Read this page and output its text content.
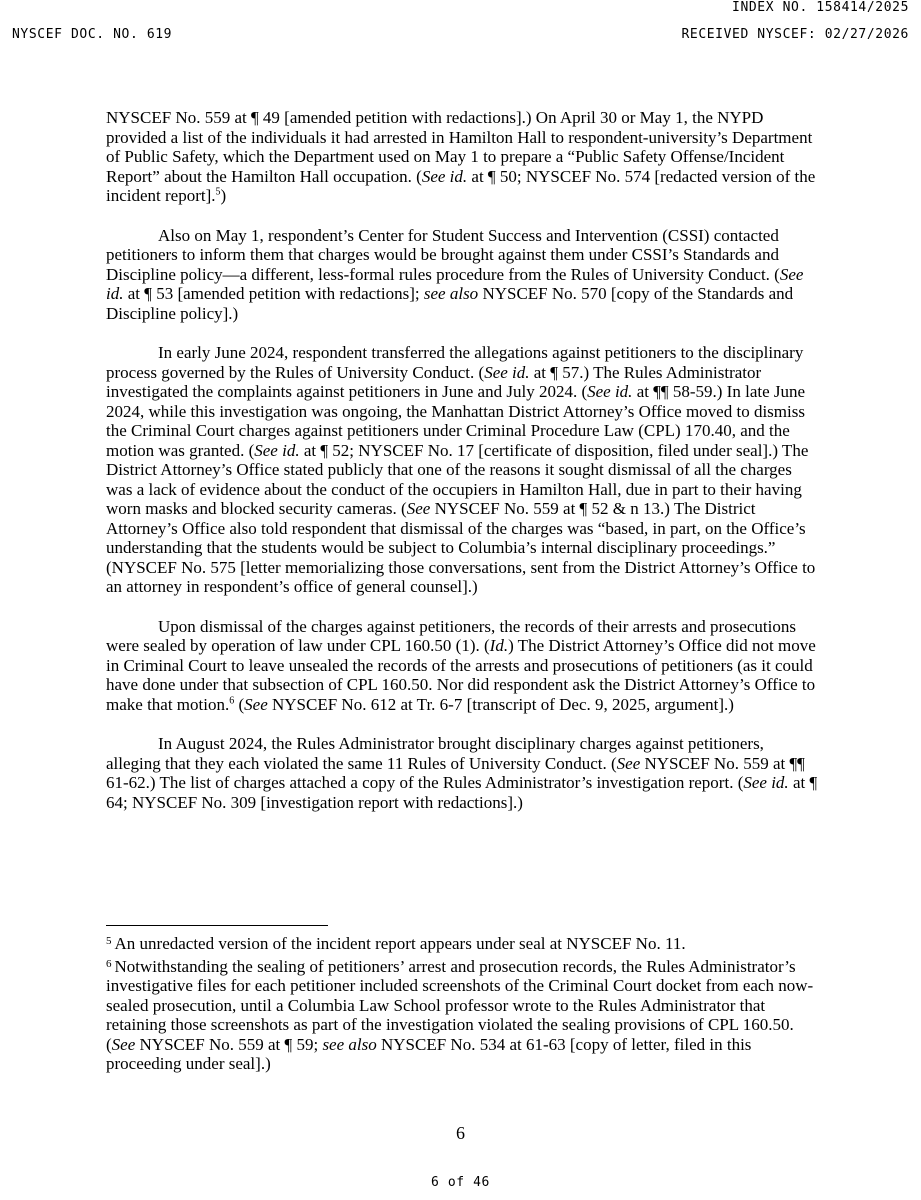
INDEX NO. 158414/2025
NYSCEF DOC. NO. 619	RECEIVED NYSCEF: 02/27/2026

NYSCEF No. 559 at ¶ 49 [amended petition with redactions].) On April 30 or May 1, the NYPD provided a list of the individuals it had arrested in Hamilton Hall to respondent-university’s Department of Public Safety, which the Department used on May 1 to prepare a “Public Safety Offense/Incident Report” about the Hamilton Hall occupation. (See id. at ¶ 50; NYSCEF No. 574 [redacted version of the incident report].$^5$)

Also on May 1, respondent’s Center for Student Success and Intervention (CSSI) contacted petitioners to inform them that charges would be brought against them under CSSI’s Standards and Discipline policy—a different, less-formal rules procedure from the Rules of University Conduct. (See id. at ¶ 53 [amended petition with redactions]; see also NYSCEF No. 570 [copy of the Standards and Discipline policy].)

In early June 2024, respondent transferred the allegations against petitioners to the disciplinary process governed by the Rules of University Conduct. (See id. at ¶ 57.) The Rules Administrator investigated the complaints against petitioners in June and July 2024. (See id. at ¶¶ 58-59.) In late June 2024, while this investigation was ongoing, the Manhattan District Attorney’s Office moved to dismiss the Criminal Court charges against petitioners under Criminal Procedure Law (CPL) 170.40, and the motion was granted. (See id. at ¶ 52; NYSCEF No. 17 [certificate of disposition, filed under seal].) The District Attorney’s Office stated publicly that one of the reasons it sought dismissal of all the charges was a lack of evidence about the conduct of the occupiers in Hamilton Hall, due in part to their having worn masks and blocked security cameras. (See NYSCEF No. 559 at ¶ 52 & n 13.) The District Attorney’s Office also told respondent that dismissal of the charges was “based, in part, on the Office’s understanding that the students would be subject to Columbia’s internal disciplinary proceedings.” (NYSCEF No. 575 [letter memorializing those conversations, sent from the District Attorney’s Office to an attorney in respondent’s office of general counsel].)

Upon dismissal of the charges against petitioners, the records of their arrests and prosecutions were sealed by operation of law under CPL 160.50 (1). (Id.) The District Attorney’s Office did not move in Criminal Court to leave unsealed the records of the arrests and prosecutions of petitioners (as it could have done under that subsection of CPL 160.50. Nor did respondent ask the District Attorney’s Office to make that motion.$^6$ (See NYSCEF No. 612 at Tr. 6-7 [transcript of Dec. 9, 2025, argument].)

In August 2024, the Rules Administrator brought disciplinary charges against petitioners, alleging that they each violated the same 11 Rules of University Conduct. (See NYSCEF No. 559 at ¶¶ 61-62.) The list of charges attached a copy of the Rules Administrator’s investigation report. (See id. at ¶ 64; NYSCEF No. 309 [investigation report with redactions].)

$^5$ An unredacted version of the incident report appears under seal at NYSCEF No. 11.

$^6$ Notwithstanding the sealing of petitioners’ arrest and prosecution records, the Rules Administrator’s investigative files for each petitioner included screenshots of the Criminal Court docket from each now-sealed prosecution, until a Columbia Law School professor wrote to the Rules Administrator that retaining those screenshots as part of the investigation violated the sealing provisions of CPL 160.50. (See NYSCEF No. 559 at ¶ 59; see also NYSCEF No. 534 at 61-63 [copy of letter, filed in this proceeding under seal].)

6
6 of 46
